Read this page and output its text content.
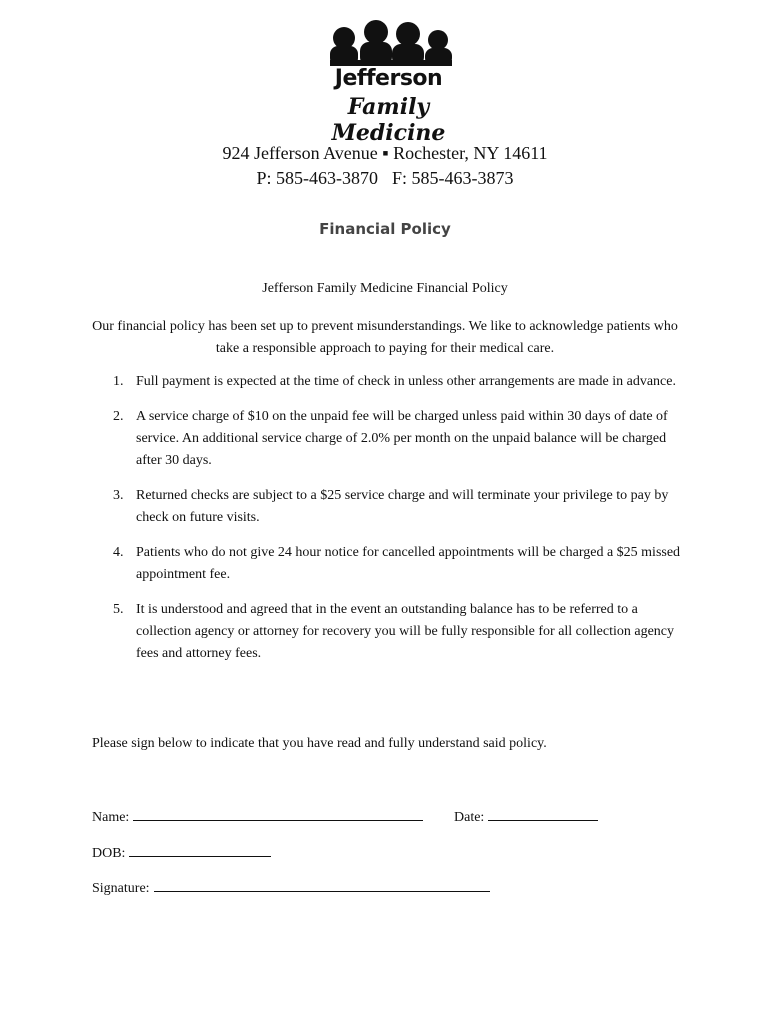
Jefferson
Family Medicine
924 Jefferson Avenue ▪ Rochester, NY 14611
P: 585-463-3870 F: 585-463-3873
Financial Policy
Jefferson Family Medicine Financial Policy
Our financial policy has been set up to prevent misunderstandings. We like to acknowledge patients who take a responsible approach to paying for their medical care.
1. Full payment is expected at the time of check in unless other arrangements are made in advance.
2. A service charge of $10 on the unpaid fee will be charged unless paid within 30 days of date of service. An additional service charge of 2.0% per month on the unpaid balance will be charged after 30 days.
3. Returned checks are subject to a $25 service charge and will terminate your privilege to pay by check on future visits.
4. Patients who do not give 24 hour notice for cancelled appointments will be charged a $25 missed appointment fee.
5. It is understood and agreed that in the event an outstanding balance has to be referred to a collection agency or attorney for recovery you will be fully responsible for all collection agency fees and attorney fees.
Please sign below to indicate that you have read and fully understand said policy.
Name:	Date:
DOB:
Signature:
